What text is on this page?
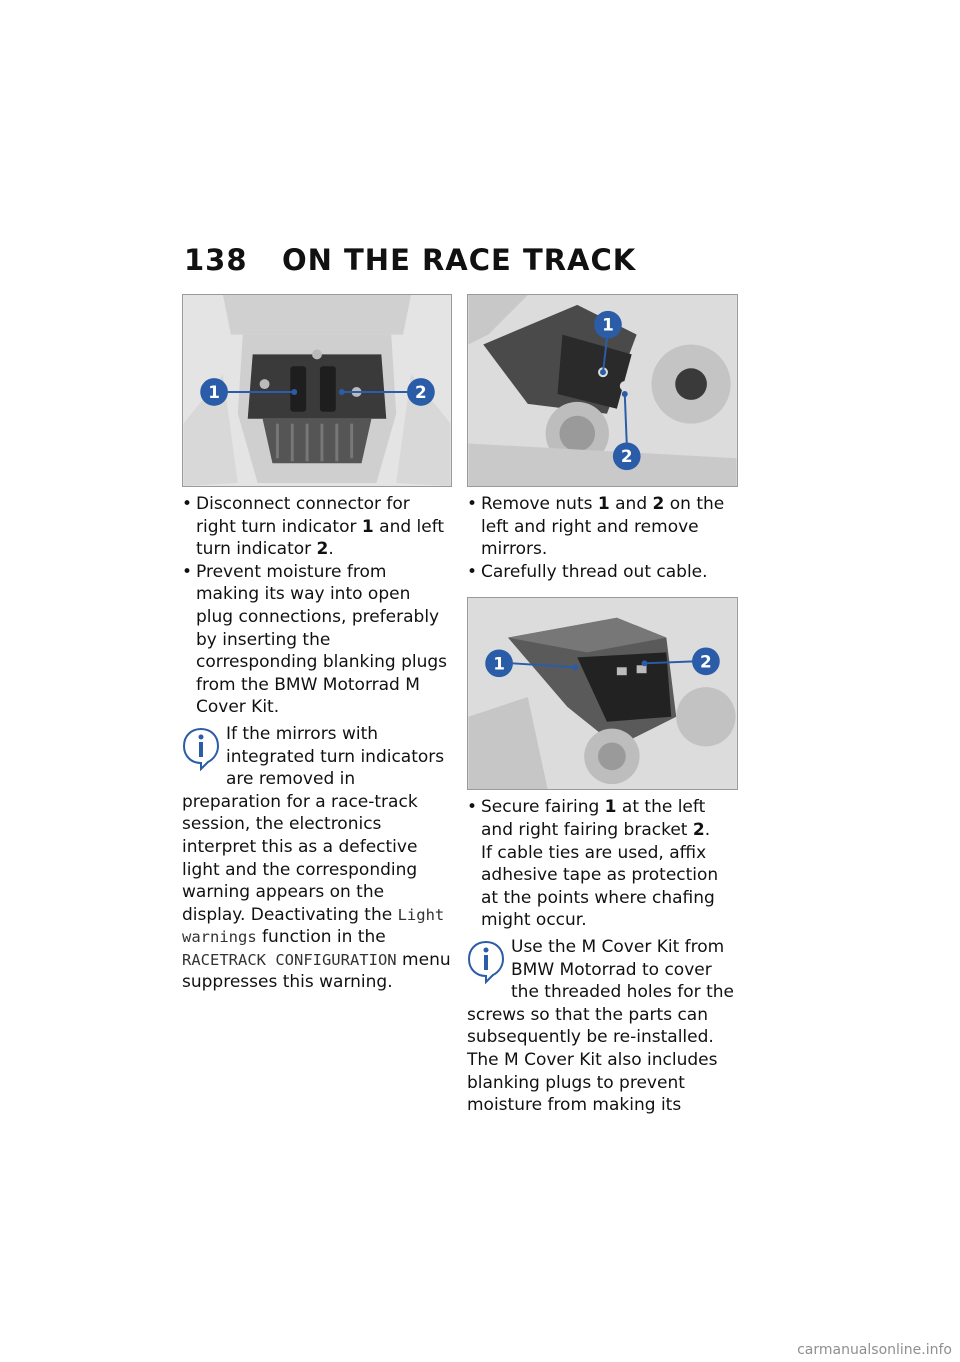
138	ON THE RACE TRACK
1	2
• Disconnect connector for right turn indicator 1 and left turn indicator 2.
• Prevent moisture from making its way into open plug connections, preferably by inserting the corresponding blanking plugs from the BMW Motorrad M Cover Kit.
If the mirrors with integrated turn indicators are removed in preparation for a race-track session, the electronics interpret this as a defective light and the corresponding warning appears on the display. Deactivating the Light warnings function in the RACETRACK CONFIGURATION menu suppresses this warning.
1
2
• Remove nuts 1 and 2 on the left and right and remove mirrors.
• Carefully thread out cable.
1	2
• Secure fairing 1 at the left and right fairing bracket 2.

If cable ties are used, affix adhesive tape as protection at the points where chafing might occur.

Use the M Cover Kit from BMW Motorrad to cover the threaded holes for the screws so that the parts can subsequently be re-installed. The M Cover Kit also includes blanking plugs to prevent moisture from making its
carmanualsonline.info
